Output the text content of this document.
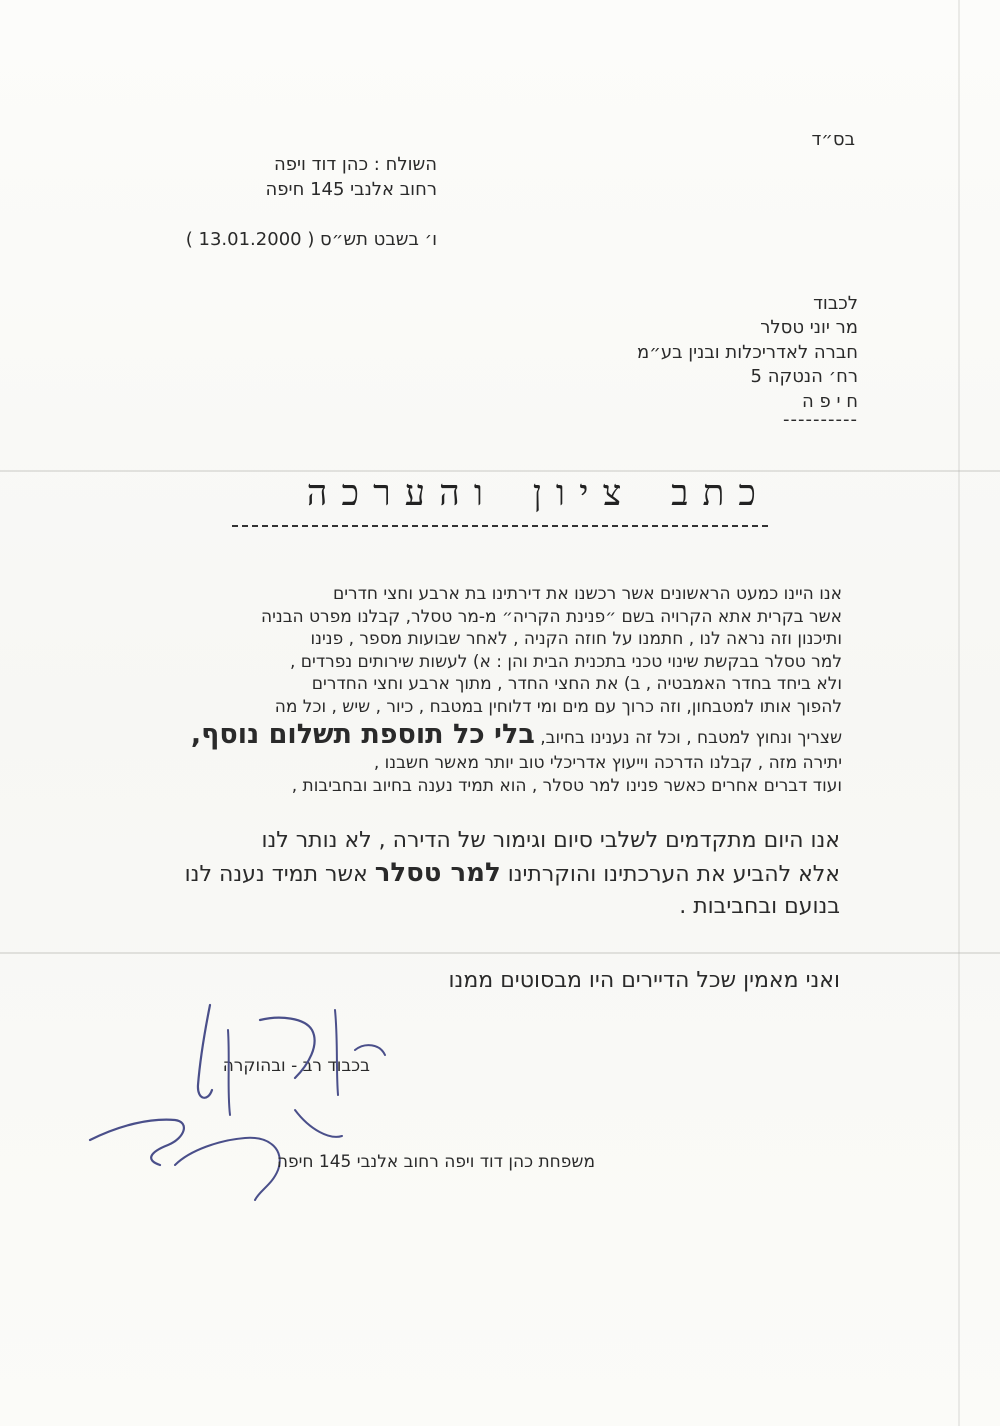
בס״ד
השולח : כהן דוד ויפה
רחוב אלנבי 145 חיפה
ו׳ בשבט תש״ס ( 13.01.2000 )
לכבוד
מר יוני טסלר
חברה לאדריכלות ובנין בע״מ
רח׳ הנטקה 5
ח י פ ה
----------
כתב ציון והערכה
אנו היינו כמעט הראשונים אשר רכשנו את דירתינו בת ארבע וחצי חדרים
אשר בקרית אתא הקרויה בשם ״פנינת הקריה״ מ-מר טסלר, קבלנו מפרט הבניה
ותיכנון וזה נראה לנו , חתמנו על חוזה הקניה , לאחר שבועות מספר , פנינו
למר טסלר בבקשת שינוי טכני בתכנית הבית והן : א) לעשות שירותים נפרדים ,
ולא ביחד בחדר האמבטיה , ב) את החצי החדר , מתוך ארבע וחצי החדרים
להפוך אותו למטבחון, וזה כרוך עם מים ומי דלוחין במטבח , כיור , שיש , וכל מה
שצריך ונחוץ למטבח , וכל זה נענינו בחיוב, בלי כל תוספת תשלום נוסף,
יתירה מזה , קבלנו הדרכה וייעוץ אדריכלי טוב יותר מאשר חשבנו ,
ועוד דברים אחרים כאשר פנינו למר טסלר , הוא תמיד נענה בחיוב ובחביבות ,
אנו היום מתקדמים לשלבי סיום וגימור של הדירה , לא נותר לנו
אלא להביע את הערכתינו והוקרתינו למר טסלר אשר תמיד נענה לנו
בנועם ובחביבות .
ואני מאמין שכל הדיירים היו מבסוטים ממנו
בכבוד רב - ובהוקרה
משפחת כהן דוד ויפה רחוב אלנבי 145 חיפה
